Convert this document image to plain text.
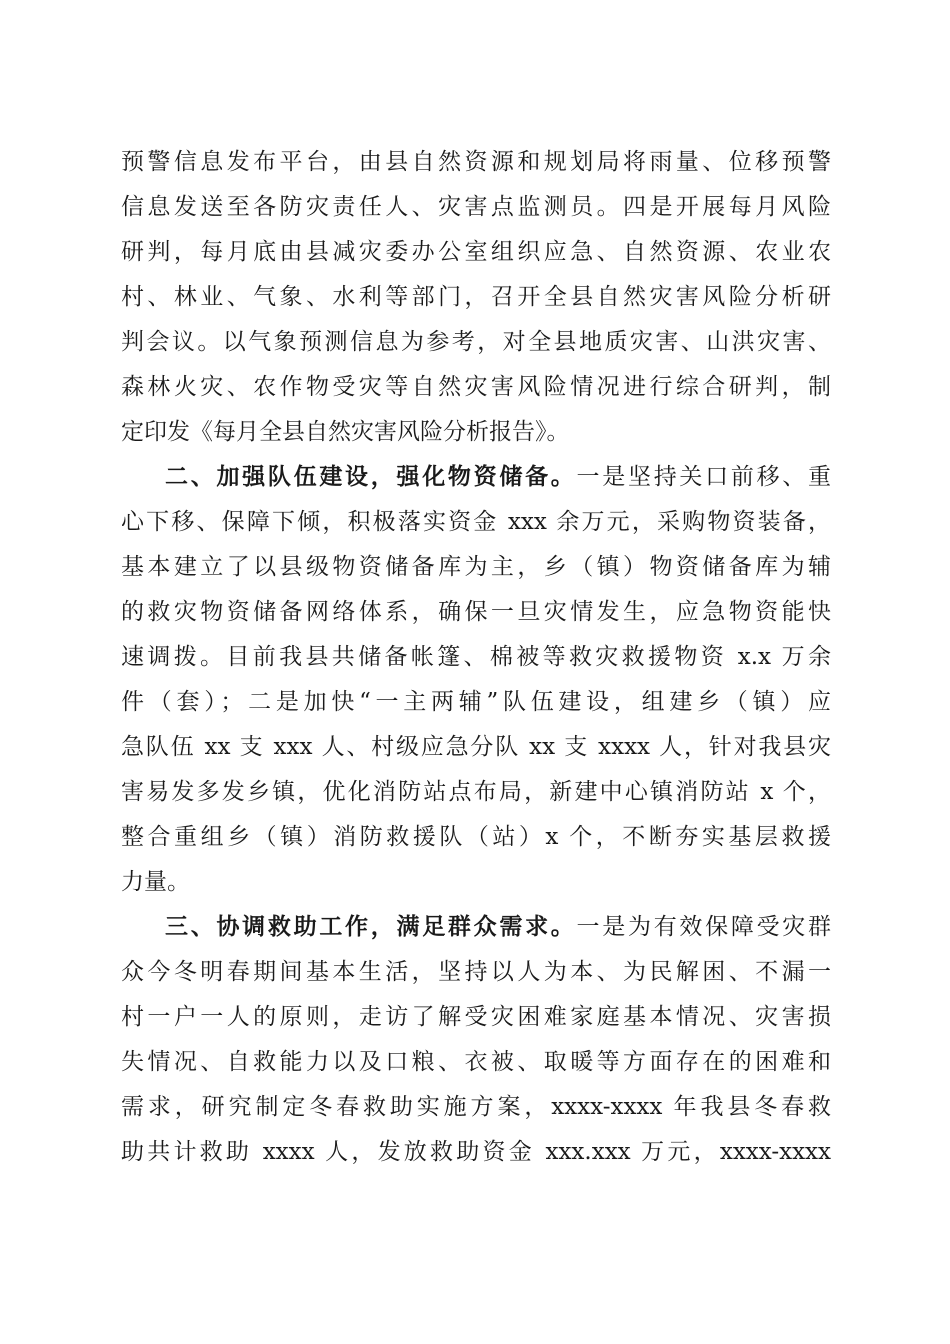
预警信息发布平台，由县自然资源和规划局将雨量、位移预警
信息发送至各防灾责任人、灾害点监测员。四是开展每月风险
研判，每月底由县减灾委办公室组织应急、自然资源、农业农
村、林业、气象、水利等部门，召开全县自然灾害风险分析研
判会议。以气象预测信息为参考，对全县地质灾害、山洪灾害、
森林火灾、农作物受灾等自然灾害风险情况进行综合研判，制
定印发《每月全县自然灾害风险分析报告》。
二、加强队伍建设，强化物资储备。一是坚持关口前移、重
心下移、保障下倾，积极落实资金 xxx 余万元，采购物资装备，
基本建立了以县级物资储备库为主，乡（镇）物资储备库为辅
的救灾物资储备网络体系，确保一旦灾情发生，应急物资能快
速调拨。目前我县共储备帐篷、棉被等救灾救援物资 x.x 万余
件（套）；二是加快“一主两辅”队伍建设，组建乡（镇）应
急队伍 xx 支 xxx 人、村级应急分队 xx 支 xxxx 人，针对我县灾
害易发多发乡镇，优化消防站点布局，新建中心镇消防站 x 个，
整合重组乡（镇）消防救援队（站）x 个，不断夯实基层救援
力量。
三、协调救助工作，满足群众需求。一是为有效保障受灾群
众今冬明春期间基本生活，坚持以人为本、为民解困、不漏一
村一户一人的原则，走访了解受灾困难家庭基本情况、灾害损
失情况、自救能力以及口粮、衣被、取暖等方面存在的困难和
需求，研究制定冬春救助实施方案，xxxx-xxxx 年我县冬春救
助共计救助 xxxx 人，发放救助资金 xxx.xxx 万元，xxxx-xxxx
